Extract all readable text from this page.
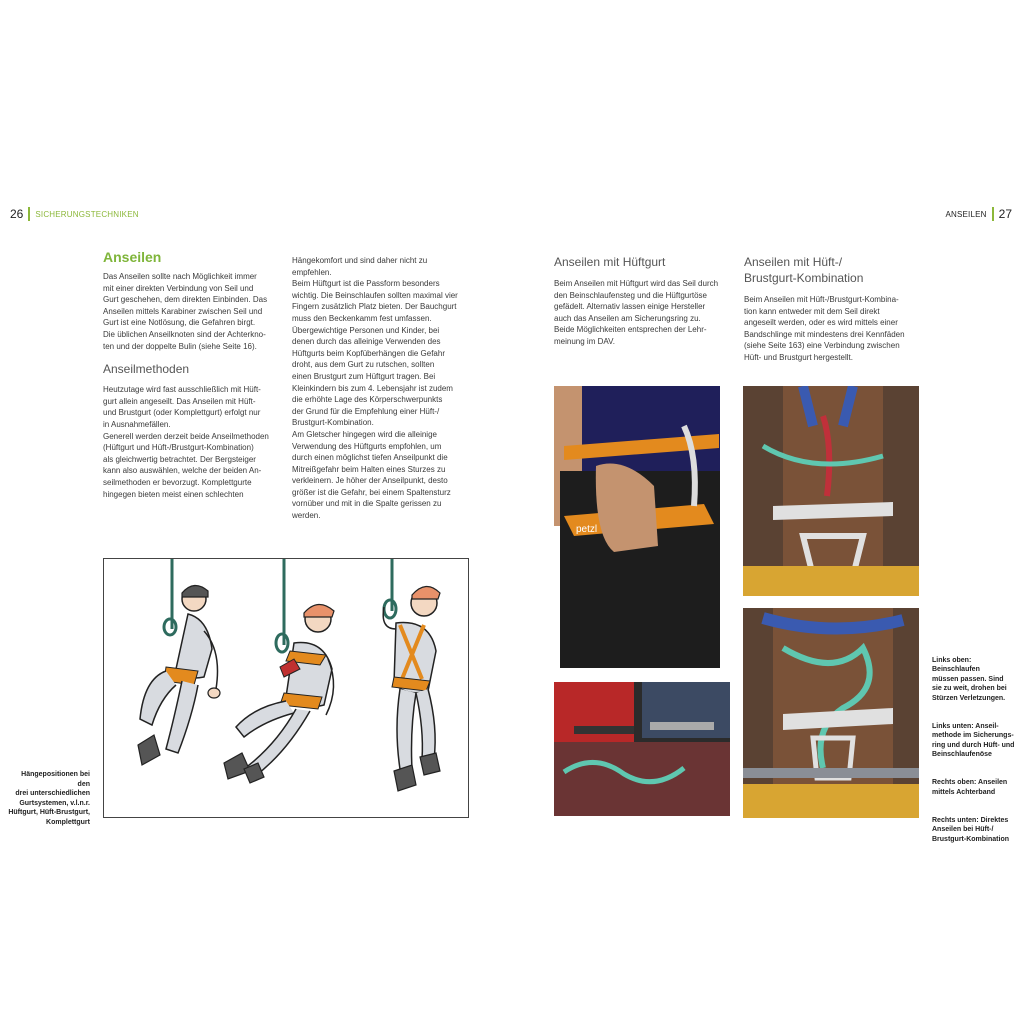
26 SICHERUNGSTECHNIKEN	ANSEILEN 27
Anseilen

Das Anseilen sollte nach Möglichkeit immer
mit einer direkten Verbindung von Seil und
Gurt geschehen, dem direkten Einbinden. Das
Anseilen mittels Karabiner zwischen Seil und
Gurt ist eine Notlösung, die Gefahren birgt.
Die üblichen Anseilknoten sind der Achterkno-
ten und der doppelte Bulin (siehe Seite 16).

Anseilmethoden

Heutzutage wird fast ausschließlich mit Hüft-
gurt allein angeseilt. Das Anseilen mit Hüft-
und Brustgurt (oder Komplettgurt) erfolgt nur
in Ausnahmefällen.
Generell werden derzeit beide Anseilmethoden
(Hüftgurt und Hüft-/Brustgurt-Kombination)
als gleichwertig betrachtet. Der Bergsteiger
kann also auswählen, welche der beiden An-
seilmethoden er bevorzugt. Komplettgurte
hingegen bieten meist einen schlechten

Hängekomfort und sind daher nicht zu
empfehlen.
Beim Hüftgurt ist die Passform besonders
wichtig. Die Beinschlaufen sollten maximal vier
Fingern zusätzlich Platz bieten. Der Bauchgurt
muss den Beckenkamm fest umfassen.
Übergewichtige Personen und Kinder, bei
denen durch das alleinige Verwenden des
Hüftgurts beim Kopfüberhängen die Gefahr
droht, aus dem Gurt zu rutschen, sollten
einen Brustgurt zum Hüftgurt tragen. Bei
Kleinkindern bis zum 4. Lebensjahr ist zudem
die erhöhte Lage des Körperschwerpunkts
der Grund für die Empfehlung einer Hüft-/
Brustgurt-Kombination.
Am Gletscher hingegen wird die alleinige
Verwendung des Hüftgurts empfohlen, um
durch einen möglichst tiefen Anseilpunkt die
Mitreißgefahr beim Halten eines Sturzes zu
verkleinern. Je höher der Anseilpunkt, desto
größer ist die Gefahr, bei einem Spaltensturz
vornüber und mit in die Spalte gerissen zu
werden.

Anseilen mit Hüftgurt

Beim Anseilen mit Hüftgurt wird das Seil durch
den Beinschlaufensteg und die Hüftgurtöse
gefädelt. Alternativ lassen einige Hersteller
auch das Anseilen am Sicherungsring zu.
Beide Möglichkeiten entsprechen der Lehr-
meinung im DAV.

Anseilen mit Hüft-/
Brustgurt-Kombination

Beim Anseilen mit Hüft-/Brustgurt-Kombina-
tion kann entweder mit dem Seil direkt
angeseilt werden, oder es wird mittels einer
Bandschlinge mit mindestens drei Kennfäden
(siehe Seite 163) eine Verbindung zwischen
Hüft- und Brustgurt hergestellt.

Hängepositionen bei den
drei unterschiedlichen
Gurtsystemen, v.l.n.r.
Hüftgurt, Hüft-Brustgurt,
Komplettgurt
petzl

Links oben: Beinschlaufen
müssen passen. Sind
sie zu weit, drohen bei
Stürzen Verletzungen.

Links unten: Anseil-
methode im Sicherungs-
ring und durch Hüft- und
Beinschlaufenöse

Rechts oben: Anseilen
mittels Achterband

Rechts unten: Direktes
Anseilen bei Hüft-/
Brustgurt-Kombination
